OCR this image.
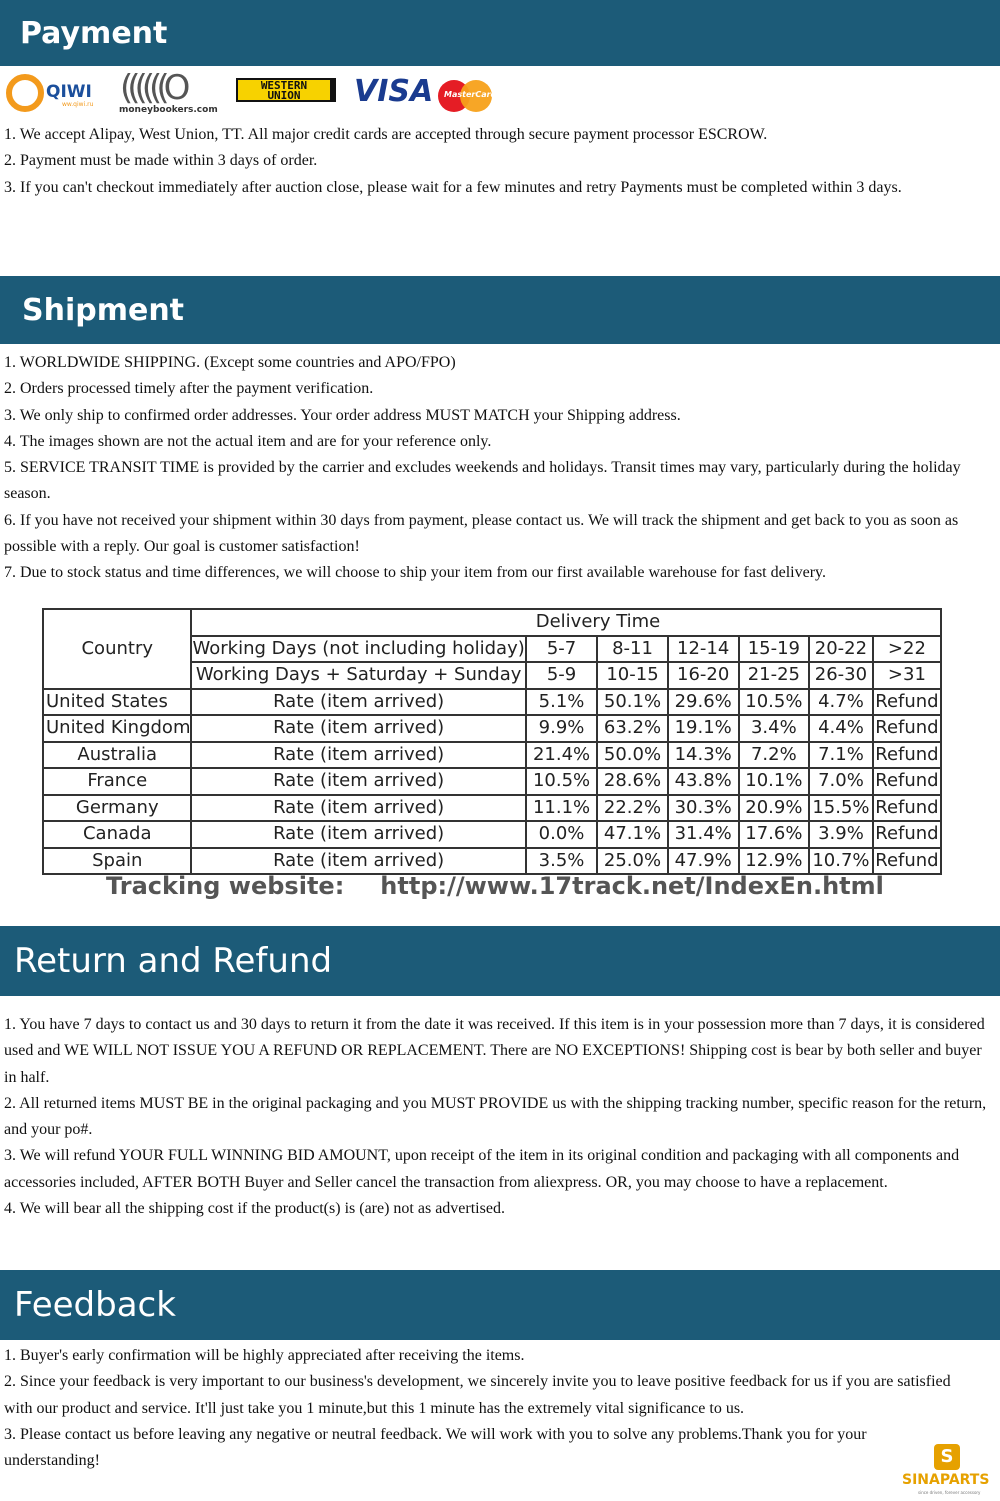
Payment
QIWI
ww.qiwi.ru ((((((O
moneybookers.com
WESTERN
UNION	VISA MasterCard

1. We accept Alipay, West Union, TT. All major credit cards are accepted through secure payment processor ESCROW.

2. Payment must be made within 3 days of order.

3. If you can't checkout immediately after auction close, please wait for a few minutes and retry Payments must be completed within 3 days.

Shipment

1. WORLDWIDE SHIPPING. (Except some countries and APO/FPO)

2. Orders processed timely after the payment verification.

3. We only ship to confirmed order addresses. Your order address MUST MATCH your Shipping address.

4. The images shown are not the actual item and are for your reference only.

5. SERVICE TRANSIT TIME is provided by the carrier and excludes weekends and holidays. Transit times may vary, particularly during the holiday season.

6. If you have not received your shipment within 30 days from payment, please contact us. We will track the shipment and get back to you as soon as possible with a reply. Our goal is customer satisfaction!

7. Due to stock status and time differences, we will choose to ship your item from our first available warehouse for fast delivery.

Country		Delivery Time					
	Working Days (not including holiday)	5-7	8-11	12-14	15-19	20-22	>22
	Working Days + Saturday + Sunday	5-9	10-15	16-20	21-25	26-30	>31
United States	Rate (item arrived)	5.1%	50.1%	29.6%	10.5%	4.7%	Refund
United Kingdom	Rate (item arrived)	9.9%	63.2%	19.1%	3.4%	4.4%	Refund
Australia	Rate (item arrived)	21.4%	50.0%	14.3%	7.2%	7.1%	Refund
France	Rate (item arrived)	10.5%	28.6%	43.8%	10.1%	7.0%	Refund
Germany	Rate (item arrived)	11.1%	22.2%	30.3%	20.9%	15.5%	Refund
Canada	Rate (item arrived)	0.0%	47.1%	31.4%	17.6%	3.9%	Refund
Spain	Rate (item arrived)	3.5%	25.0%	47.9%	12.9%	10.7%	Refund
Tracking website: http://www.17track.net/IndexEn.html
Return and Refund

1. You have 7 days to contact us and 30 days to return it from the date it was received. If this item is in your possession more than 7 days, it is considered used and WE WILL NOT ISSUE YOU A REFUND OR REPLACEMENT. There are NO EXCEPTIONS! Shipping cost is bear by both seller and buyer in half.

2. All returned items MUST BE in the original packaging and you MUST PROVIDE us with the shipping tracking number, specific reason for the return, and your po#.

3. We will refund YOUR FULL WINNING BID AMOUNT, upon receipt of the item in its original condition and packaging with all components and accessories included, AFTER BOTH Buyer and Seller cancel the transaction from aliexpress. OR, you may choose to have a replacement.

4. We will bear all the shipping cost if the product(s) is (are) not as advertised.

Feedback

1. Buyer's early confirmation will be highly appreciated after receiving the items.

2. Since your feedback is very important to our business's development, we sincerely invite you to leave positive feedback for us if you are satisfied with our product and service. It'll just take you 1 minute,but this 1 minute has the extremely vital significance to us.

3. Please contact us before leaving any negative or neutral feedback. We will work with you to solve any problems.Thank you for your understanding!	S
SINAPARTS
since driven, forever accessory
